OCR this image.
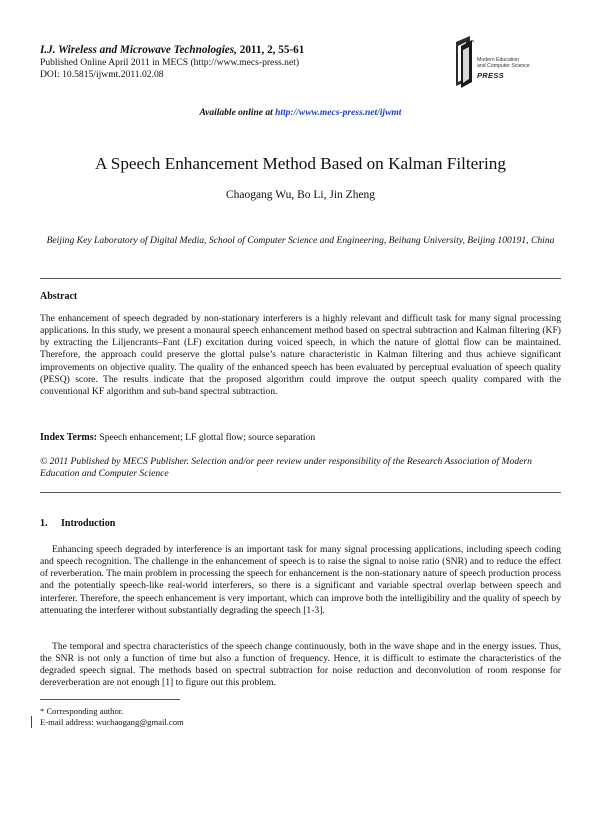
I.J. Wireless and Microwave Technologies, 2011, 2, 55-61
Published Online April 2011 in MECS (http://www.mecs-press.net)
DOI: 10.5815/ijwmt.2011.02.08
Modern Education
and Computer Science
PRESS
Available online at http://www.mecs-press.net/ijwmt
A Speech Enhancement Method Based on Kalman Filtering
Chaogang Wu, Bo Li, Jin Zheng
Beijing Key Laboratory of Digital Media, School of Computer Science and Engineering, Beihang University, Beijing 100191, China
Abstract
The enhancement of speech degraded by non-stationary interferers is a highly relevant and difficult task for many signal processing applications. In this study, we present a monaural speech enhancement method based on spectral subtraction and Kalman filtering (KF) by extracting the Liljencrants–Fant (LF) excitation during voiced speech, in which the nature of glottal flow can be maintained. Therefore, the approach could preserve the glottal pulse’s nature characteristic in Kalman filtering and thus achieve significant improvements on objective quality. The quality of the enhanced speech has been evaluated by perceptual evaluation of speech quality (PESQ) score. The results indicate that the proposed algorithm could improve the output speech quality compared with the conventional KF algorithm and sub-band spectral subtraction.
Index Terms: Speech enhancement; LF glottal flow; source separation
© 2011 Published by MECS Publisher. Selection and/or peer review under responsibility of the Research Association of Modern Education and Computer Science
1. Introduction
Enhancing speech degraded by interference is an important task for many signal processing applications, including speech coding and speech recognition. The challenge in the enhancement of speech is to raise the signal to noise ratio (SNR) and to reduce the effect of reverberation. The main problem in processing the speech for enhancement is the non-stationary nature of speech production process and the potentially speech-like real-world interferers, so there is a significant and variable spectral overlap between speech and interferer. Therefore, the speech enhancement is very important, which can improve both the intelligibility and the quality of speech by attenuating the interferer without substantially degrading the speech [1-3].
The temporal and spectra characteristics of the speech change continuously, both in the wave shape and in the energy issues. Thus, the SNR is not only a function of time but also a function of frequency. Hence, it is difficult to estimate the characteristics of the degraded speech signal. The methods based on spectral subtraction for noise reduction and deconvolution of room response for dereverberation are not enough [1] to figure out this problem.
* Corresponding author.
E-mail address: wuchaogang@gmail.com
